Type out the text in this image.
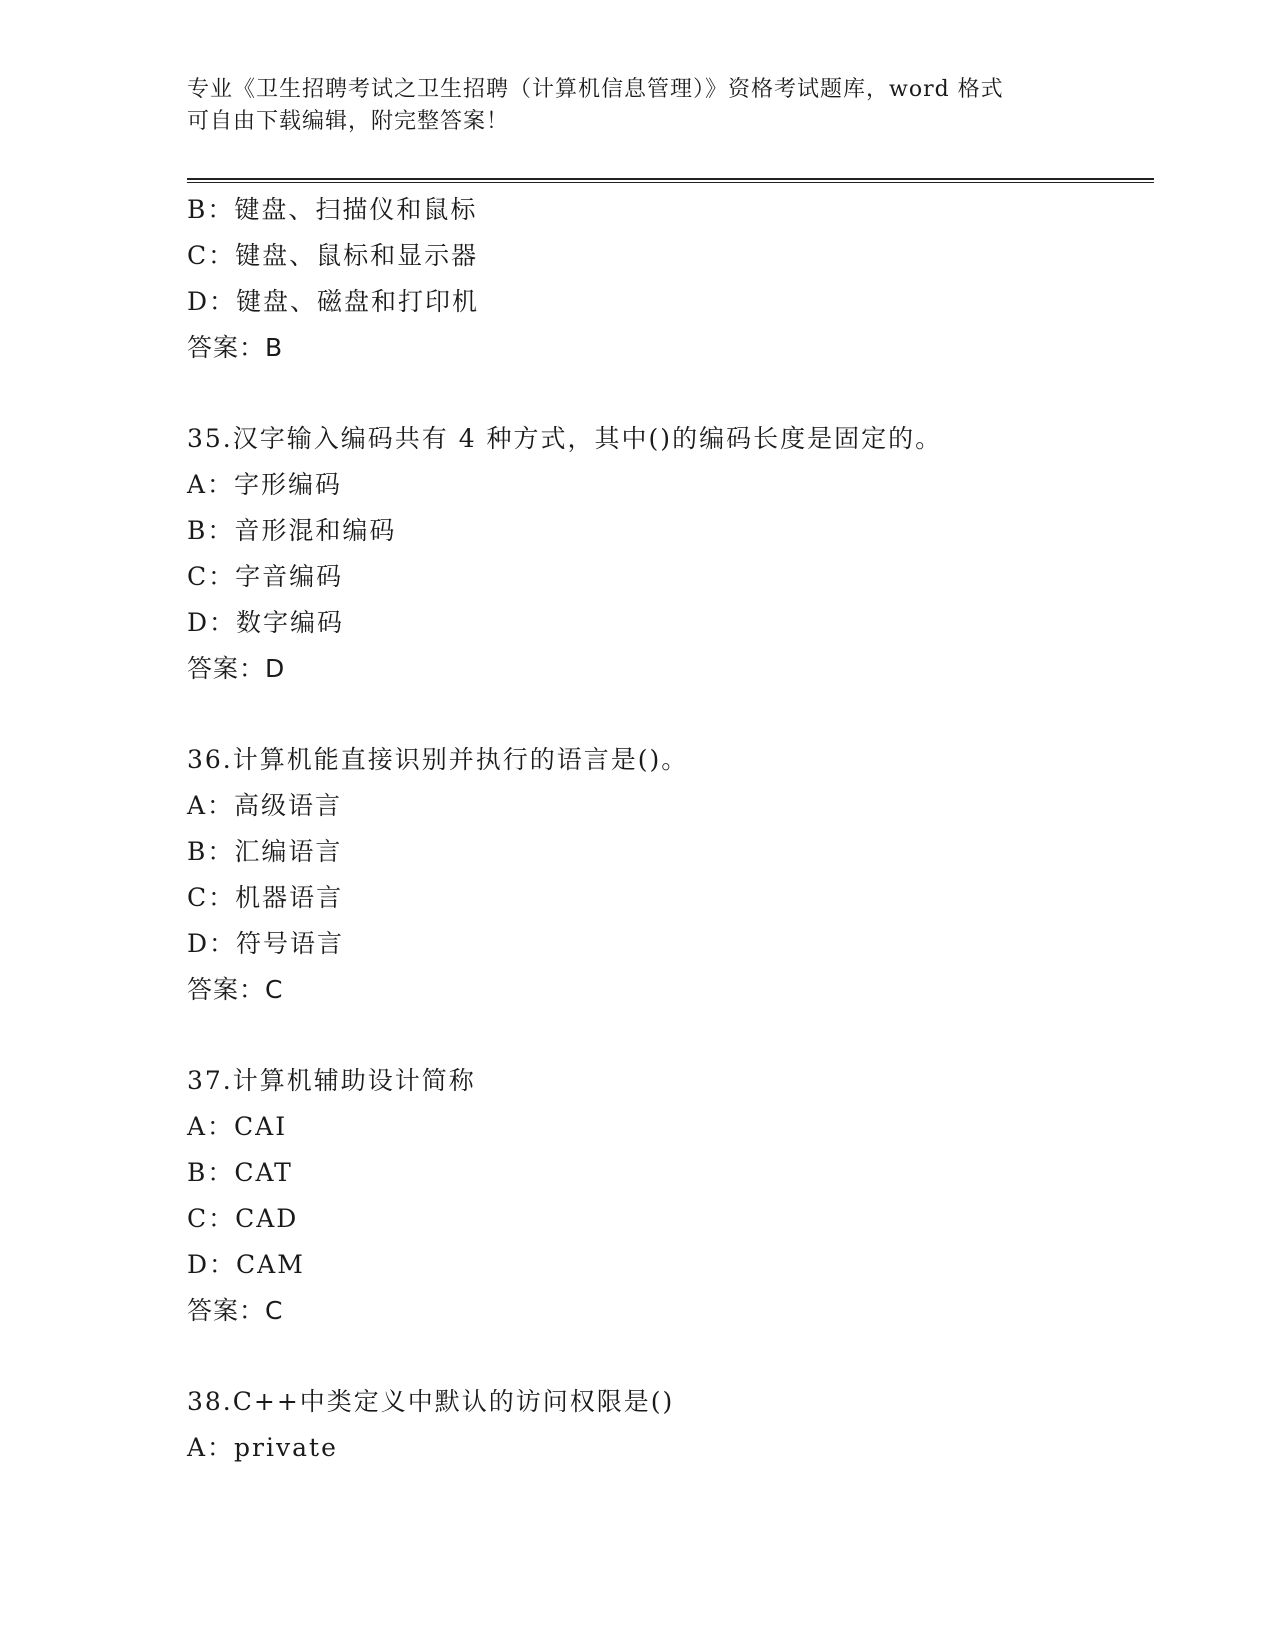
专业《卫生招聘考试之卫生招聘（计算机信息管理）》资格考试题库，word 格式
可自由下载编辑，附完整答案！
B：键盘、扫描仪和鼠标
C：键盘、鼠标和显示器
D：键盘、磁盘和打印机
答案：B
35.汉字输入编码共有 4 种方式，其中()的编码长度是固定的。
A：字形编码
B：音形混和编码
C：字音编码
D：数字编码
答案：D
36.计算机能直接识别并执行的语言是()。
A：高级语言
B：汇编语言
C：机器语言
D：符号语言
答案：C
37.计算机辅助设计简称
A：CAI
B：CAT
C：CAD
D：CAM
答案：C
38.C++中类定义中默认的访问权限是()
A：private
